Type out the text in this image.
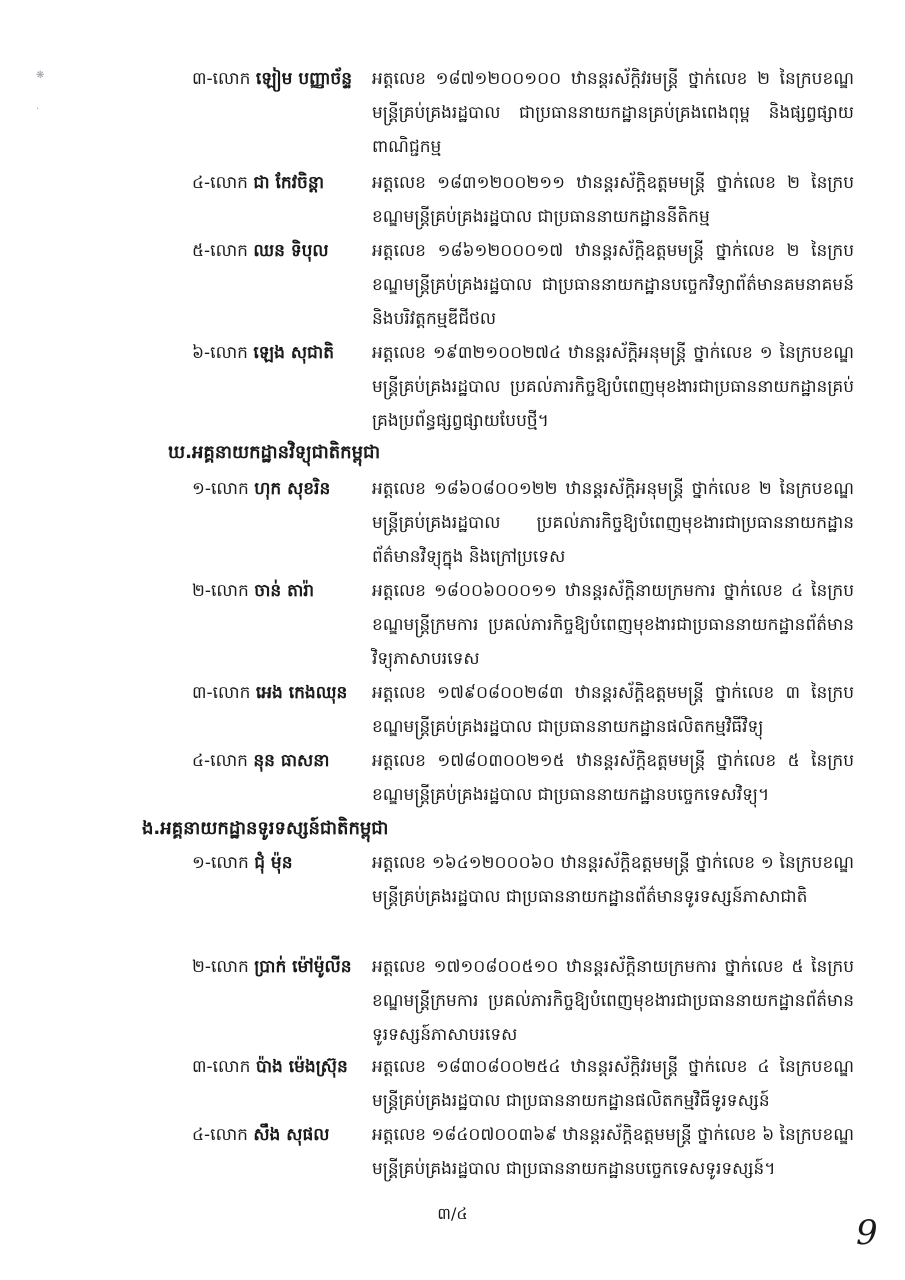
❋
·
៣-លោក ឡៀម បញ្ញាច័ន្ទ អត្តលេខ ១៨៧១២០០១០០ ឋានន្តរស័ក្តិវរមន្ត្រី ថ្នាក់លេខ ២ នៃក្របខណ្ឌមន្ត្រីគ្រប់គ្រងរដ្ឋបាល ជាប្រធាននាយកដ្ឋានគ្រប់គ្រងពេងពុម្ព និងផ្សព្វផ្សាយពាណិជ្ជកម្ម
៤-លោក ជា កែវចិន្តា	អត្តលេខ ១៨៣១២០០២១១ ឋានន្តរស័ក្តិឧត្តមមន្ត្រី ថ្នាក់លេខ ២ នៃក្របខណ្ឌមន្ត្រីគ្រប់គ្រងរដ្ឋបាល ជាប្រធាននាយកដ្ឋាននីតិកម្ម
៥-លោក ឈន ទិបុល	អត្តលេខ ១៨៦១២០០០១៧ ឋានន្តរស័ក្តិឧត្តមមន្ត្រី ថ្នាក់លេខ ២ នៃក្របខណ្ឌមន្ត្រីគ្រប់គ្រងរដ្ឋបាល ជាប្រធាននាយកដ្ឋានបច្ចេកវិទ្យាព័ត៌មានគមនាគមន៍ និងបរិវត្តកម្មឌីជីថល
៦-លោក ឡេង សុជាតិ អត្តលេខ ១៩៣២១០០២៧៤ ឋានន្តរស័ក្តិអនុមន្ត្រី ថ្នាក់លេខ ១ នៃក្របខណ្ឌមន្ត្រីគ្រប់គ្រងរដ្ឋបាល ប្រគល់ភារកិច្ចឱ្យបំពេញមុខងារជាប្រធាននាយកដ្ឋានគ្រប់គ្រងប្រព័ន្ធផ្សព្វផ្សាយបែបថ្មី។
ឃ.អគ្គនាយកដ្ឋានវិទ្យុជាតិកម្ពុជា
១-លោក ហុក សុខរិន អត្តលេខ ១៨៦០៨០០១២២ ឋានន្តរស័ក្តិអនុមន្ត្រី ថ្នាក់លេខ ២ នៃក្របខណ្ឌមន្ត្រីគ្រប់គ្រងរដ្ឋបាល ប្រគល់ភារកិច្ចឱ្យបំពេញមុខងារជាប្រធាននាយកដ្ឋានព័ត៌មានវិទ្យុក្នុង និងក្រៅប្រទេស
២-លោក ចាន់ តារ៉ា	អត្តលេខ ១៨០០៦០០០១១ ឋានន្តរស័ក្តិនាយក្រមការ ថ្នាក់លេខ ៤ នៃក្របខណ្ឌមន្ត្រីក្រមការ ប្រគល់ភារកិច្ចឱ្យបំពេញមុខងារជាប្រធាននាយកដ្ឋានព័ត៌មានវិទ្យុភាសាបរទេស
៣-លោក អេង កេងឈុន អត្តលេខ ១៧៩០៨០០២៨៣ ឋានន្តរស័ក្តិឧត្តមមន្ត្រី ថ្នាក់លេខ ៣ នៃក្របខណ្ឌមន្ត្រីគ្រប់គ្រងរដ្ឋបាល ជាប្រធាននាយកដ្ឋានផលិតកម្មវិធីវិទ្យុ
៤-លោក នុន ធាសនា	អត្តលេខ ១៧៨០៣០០២១៥ ឋានន្តរស័ក្តិឧត្តមមន្ត្រី ថ្នាក់លេខ ៥ នៃក្របខណ្ឌមន្ត្រីគ្រប់គ្រងរដ្ឋបាល ជាប្រធាននាយកដ្ឋានបច្ចេកទេសវិទ្យុ។
ង.អគ្គនាយកដ្ឋានទូរទស្សន៍ជាតិកម្ពុជា
១-លោក ជុំ ម៉ុន	អត្តលេខ ១៦៤១២០០០៦០ ឋានន្តរស័ក្តិឧត្តមមន្ត្រី ថ្នាក់លេខ ១ នៃក្របខណ្ឌមន្ត្រីគ្រប់គ្រងរដ្ឋបាល ជាប្រធាននាយកដ្ឋានព័ត៌មានទូរទស្សន៍ភាសាជាតិ
២-លោក ប្រាក់ ម៉ៅម៉ូលីន អត្តលេខ ១៧១០៨០០៥១០ ឋានន្តរស័ក្តិនាយក្រមការ ថ្នាក់លេខ ៥ នៃក្របខណ្ឌមន្ត្រីក្រមការ ប្រគល់ភារកិច្ចឱ្យបំពេញមុខងារជាប្រធាននាយកដ្ឋានព័ត៌មានទូរទស្សន៍ភាសាបរទេស
៣-លោក ប៉ាង ម៉េងស្រ៊ុន អត្តលេខ ១៨៣០៨០០២៥៤ ឋានន្តរស័ក្តិវរមន្ត្រី ថ្នាក់លេខ ៤ នៃក្របខណ្ឌមន្ត្រីគ្រប់គ្រងរដ្ឋបាល ជាប្រធាននាយកដ្ឋានផលិតកម្មវិធីទូរទស្សន៍
៤-លោក សឹង សុផល	អត្តលេខ ១៨៤០៧០០៣៦៩ ឋានន្តរស័ក្តិឧត្តមមន្ត្រី ថ្នាក់លេខ ៦ នៃក្របខណ្ឌមន្ត្រីគ្រប់គ្រងរដ្ឋបាល ជាប្រធាននាយកដ្ឋានបច្ចេកទេសទូរទស្សន៍។
៣/៤	9
